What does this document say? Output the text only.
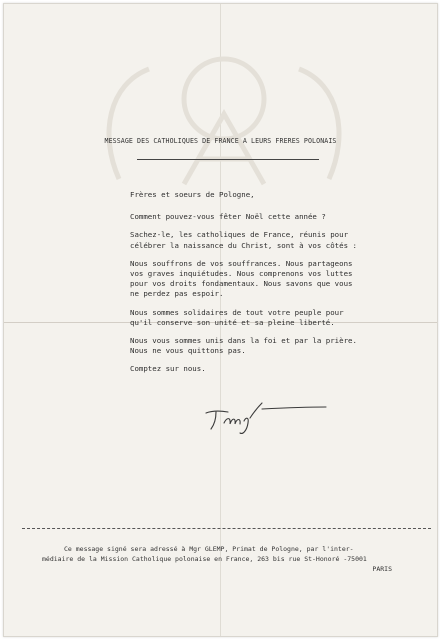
MESSAGE DES CATHOLIQUES DE FRANCE A LEURS FRERES POLONAIS

Frères et soeurs de Pologne,

Comment pouvez-vous fêter Noël cette année ?

Sachez-le, les catholiques de France, réunis pour
célébrer la naissance du Christ, sont à vos côtés :

Nous souffrons de vos souffrances. Nous partageons
vos graves inquiétudes. Nous comprenons vos luttes
pour vos droits fondamentaux. Nous savons que vous
ne perdez pas espoir.

Nous sommes solidaires de tout votre peuple pour
qu'il conserve son unité et sa pleine liberté.

Nous vous sommes unis dans la foi et par la prière.
Nous ne vous quittons pas.

Comptez sur nous.

Ce message signé sera adressé à Mgr GLEMP, Primat de Pologne, par l'inter-
médiaire de la Mission Catholique polonaise en France, 263 bis rue St-Honoré -75001
PARIS
